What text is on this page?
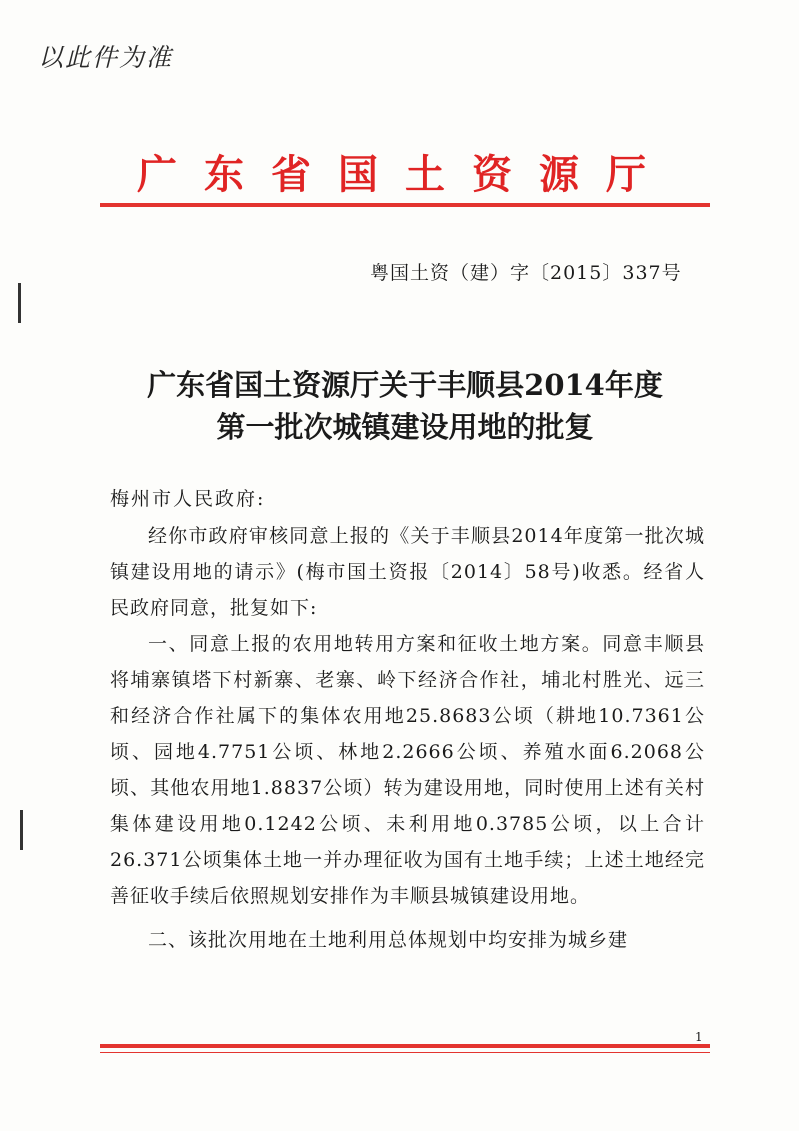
以此件为准
广东省国土资源厅
粤国土资（建）字〔2015〕337号
广东省国土资源厅关于丰顺县2014年度
第一批次城镇建设用地的批复
梅州市人民政府:

经你市政府审核同意上报的《关于丰顺县2014年度第一批次城镇建设用地的请示》(梅市国土资报〔2014〕58号)收悉。经省人民政府同意，批复如下:

一、同意上报的农用地转用方案和征收土地方案。同意丰顺县将埔寨镇塔下村新寨、老寨、岭下经济合作社，埔北村胜光、远三和经济合作社属下的集体农用地25.8683公顷（耕地10.7361公顷、园地4.7751公顷、林地2.2666公顷、养殖水面6.2068公顷、其他农用地1.8837公顷）转为建设用地，同时使用上述有关村集体建设用地0.1242公顷、未利用地0.3785公顷，以上合计26.371公顷集体土地一并办理征收为国有土地手续；上述土地经完善征收手续后依照规划安排作为丰顺县城镇建设用地。

二、该批次用地在土地利用总体规划中均安排为城乡建

1
